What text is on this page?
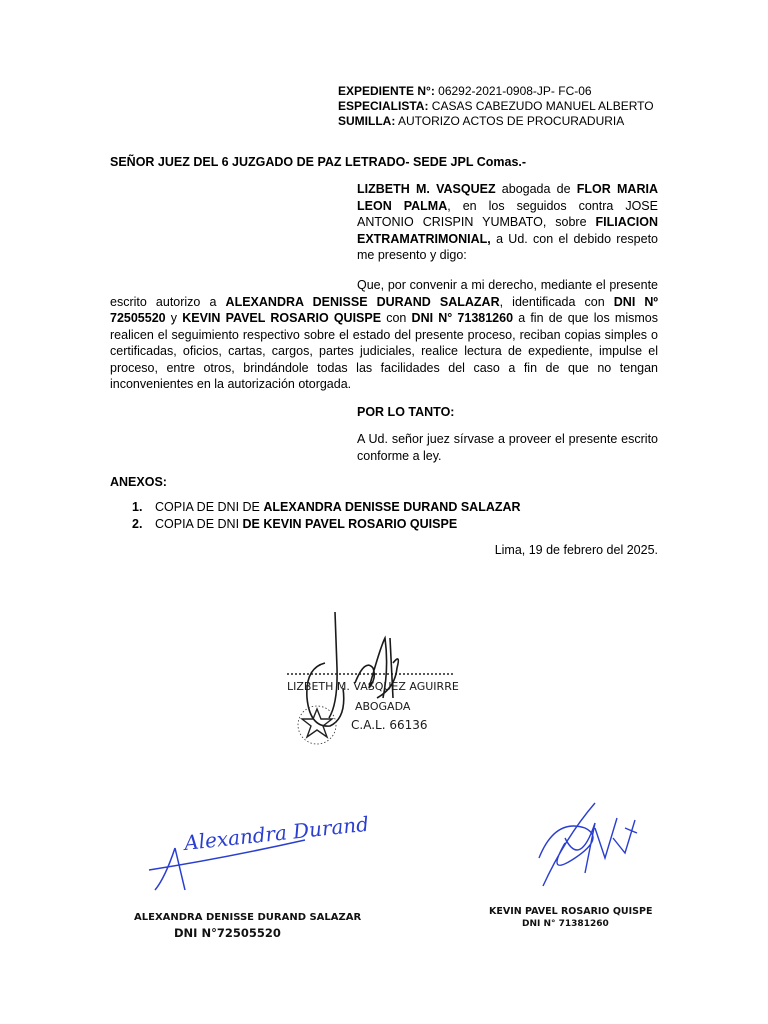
EXPEDIENTE N°: 06292-2021-0908-JP- FC-06
ESPECIALISTA: CASAS CABEZUDO MANUEL ALBERTO
SUMILLA: AUTORIZO ACTOS DE PROCURADURIA
SEÑOR JUEZ DEL 6 JUZGADO DE PAZ LETRADO- SEDE JPL Comas.-
LIZBETH M. VASQUEZ abogada de FLOR MARIA LEON PALMA, en los seguidos contra JOSE ANTONIO CRISPIN YUMBATO, sobre FILIACION EXTRAMATRIMONIAL, a Ud. con el debido respeto me presento y digo:
Que, por convenir a mi derecho, mediante el presente escrito autorizo a ALEXANDRA DENISSE DURAND SALAZAR, identificada con DNI Nº 72505520 y KEVIN PAVEL ROSARIO QUISPE con DNI N° 71381260 a fin de que los mismos realicen el seguimiento respectivo sobre el estado del presente proceso, reciban copias simples o certificadas, oficios, cartas, cargos, partes judiciales, realice lectura de expediente, impulse el proceso, entre otros, brindándole todas las facilidades del caso a fin de que no tengan inconvenientes en la autorización otorgada.
POR LO TANTO:
A Ud. señor juez sírvase a proveer el presente escrito conforme a ley.
ANEXOS:
1. COPIA DE DNI DE ALEXANDRA DENISSE DURAND SALAZAR
2. COPIA DE DNI DE KEVIN PAVEL ROSARIO QUISPE
Lima, 19 de febrero del 2025.
LIZBETH M. VASQUEZ AGUIRRE
ABOGADA
C.A.L. 66136
Alexandra Durand
ALEXANDRA DENISSE DURAND SALAZAR
DNI N°72505520
KEVIN PAVEL ROSARIO QUISPE
DNI N° 71381260
